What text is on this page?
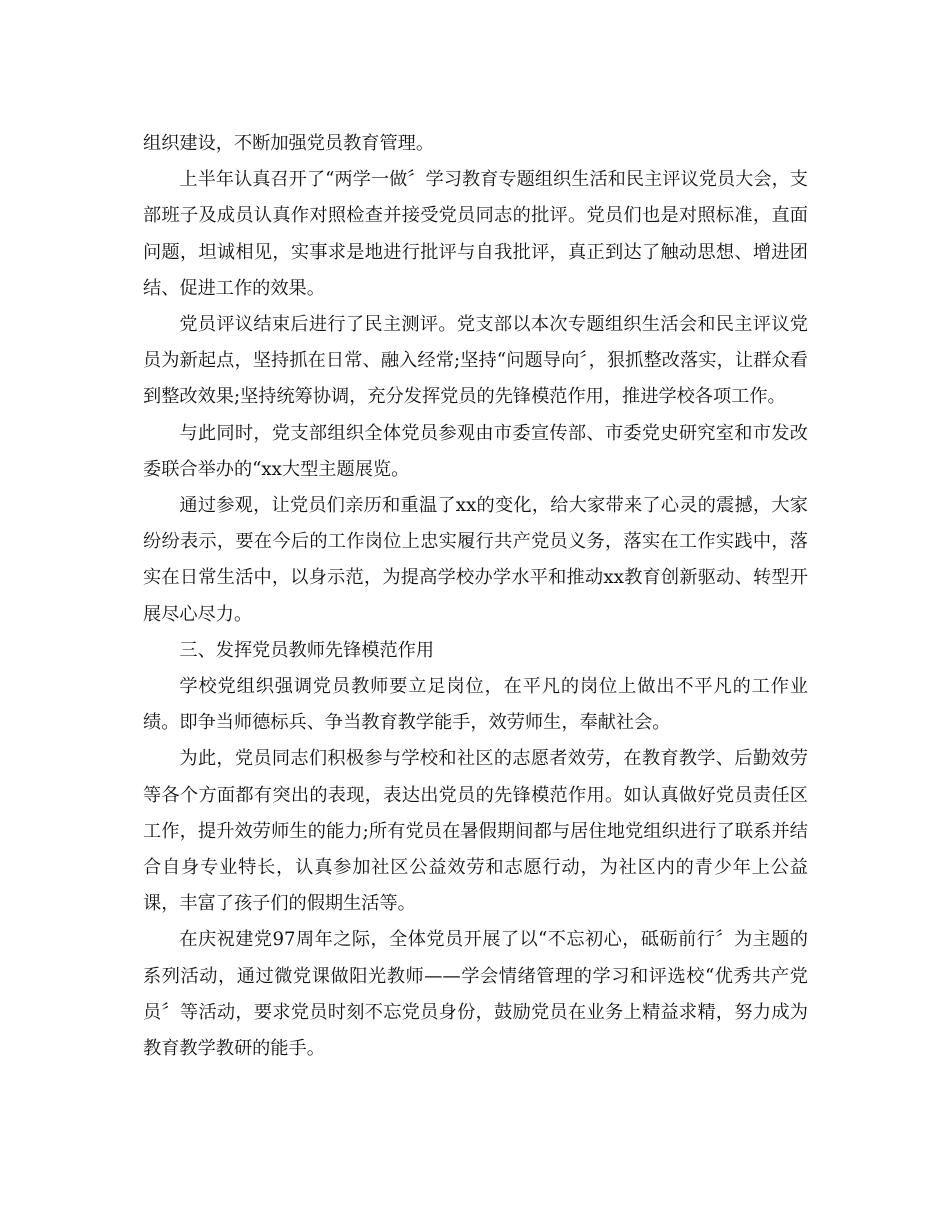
组织建设，不断加强党员教育管理。

上半年认真召开了“两学一做〞学习教育专题组织生活和民主评议党员大会，支部班子及成员认真作对照检查并接受党员同志的批评。党员们也是对照标准，直面问题，坦诚相见，实事求是地进行批评与自我批评，真正到达了触动思想、增进团结、促进工作的效果。

党员评议结束后进行了民主测评。党支部以本次专题组织生活会和民主评议党员为新起点，坚持抓在日常、融入经常;坚持“问题导向〞，狠抓整改落实，让群众看到整改效果;坚持统筹协调，充分发挥党员的先锋模范作用，推进学校各项工作。

与此同时，党支部组织全体党员参观由市委宣传部、市委党史研究室和市发改委联合举办的“xx大型主题展览。

通过参观，让党员们亲历和重温了xx的变化，给大家带来了心灵的震撼，大家纷纷表示，要在今后的工作岗位上忠实履行共产党员义务，落实在工作实践中，落实在日常生活中，以身示范，为提高学校办学水平和推动xx教育创新驱动、转型开展尽心尽力。

三、发挥党员教师先锋模范作用

学校党组织强调党员教师要立足岗位，在平凡的岗位上做出不平凡的工作业绩。即争当师德标兵、争当教育教学能手，效劳师生，奉献社会。

为此，党员同志们积极参与学校和社区的志愿者效劳，在教育教学、后勤效劳等各个方面都有突出的表现，表达出党员的先锋模范作用。如认真做好党员责任区工作，提升效劳师生的能力;所有党员在暑假期间都与居住地党组织进行了联系并结合自身专业特长，认真参加社区公益效劳和志愿行动，为社区内的青少年上公益课，丰富了孩子们的假期生活等。

在庆祝建党97周年之际，全体党员开展了以“不忘初心，砥砺前行〞为主题的系列活动，通过微党课做阳光教师——学会情绪管理的学习和评选校“优秀共产党员〞等活动，要求党员时刻不忘党员身份，鼓励党员在业务上精益求精，努力成为教育教学教研的能手。
